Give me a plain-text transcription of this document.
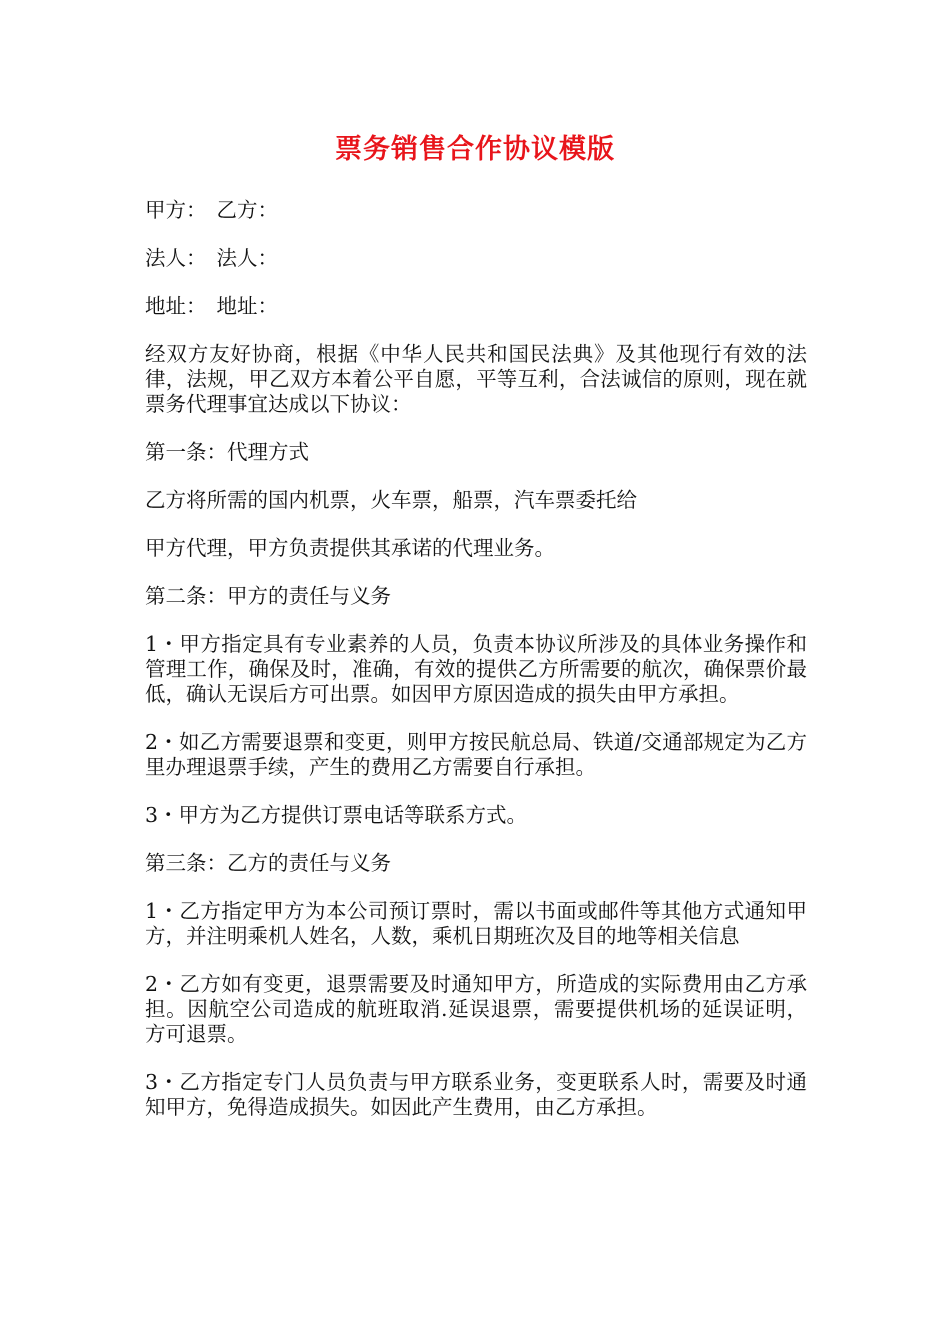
票务销售合作协议模版

甲方： 乙方：

法人： 法人：

地址： 地址：

经双方友好协商，根据《中华人民共和国民法典》及其他现行有效的法律，法规，甲乙双方本着公平自愿，平等互利，合法诚信的原则，现在就票务代理事宜达成以下协议：

第一条：代理方式

乙方将所需的国内机票，火车票，船票，汽车票委托给

甲方代理，甲方负责提供其承诺的代理业务。

第二条：甲方的责任与义务

1・甲方指定具有专业素养的人员，负责本协议所涉及的具体业务操作和管理工作，确保及时，准确，有效的提供乙方所需要的航次，确保票价最低，确认无误后方可出票。如因甲方原因造成的损失由甲方承担。

2・如乙方需要退票和变更，则甲方按民航总局、铁道/交通部规定为乙方里办理退票手续，产生的费用乙方需要自行承担。

3・甲方为乙方提供订票电话等联系方式。

第三条：乙方的责任与义务

1・乙方指定甲方为本公司预订票时，需以书面或邮件等其他方式通知甲方，并注明乘机人姓名，人数，乘机日期班次及目的地等相关信息

2・乙方如有变更，退票需要及时通知甲方，所造成的实际费用由乙方承担。因航空公司造成的航班取消.延误退票，需要提供机场的延误证明，方可退票。

3・乙方指定专门人员负责与甲方联系业务，变更联系人时，需要及时通知甲方，免得造成损失。如因此产生费用，由乙方承担。
